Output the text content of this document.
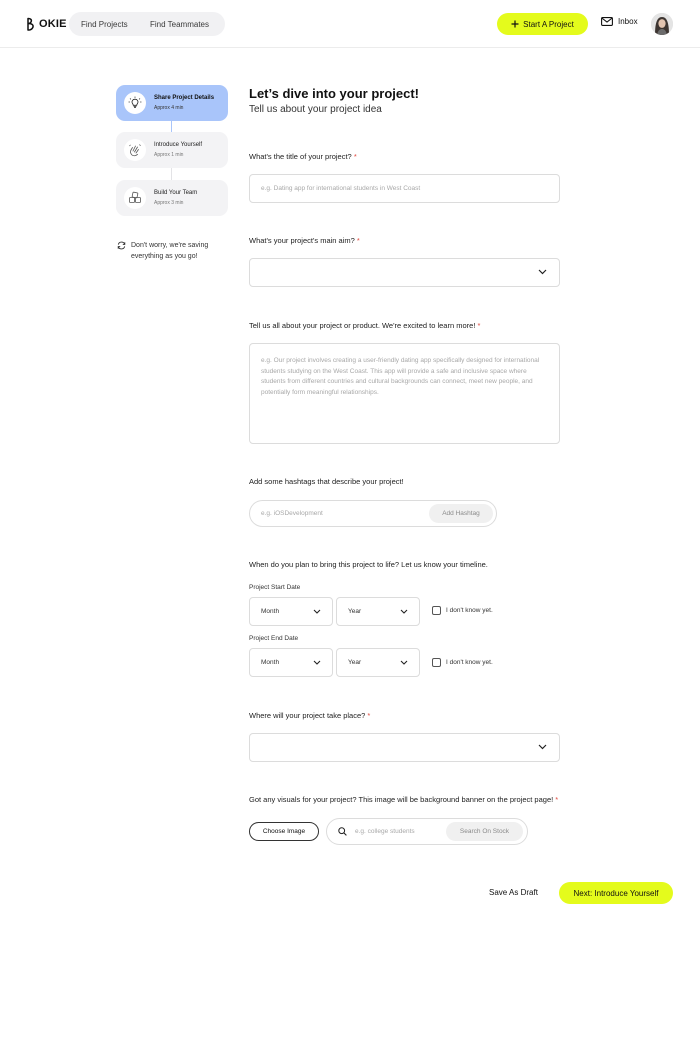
OKIE Find Projects	Find Teammates	Start A Project	Inbox
Share Project Details
Approx 4 min
Introduce Yourself
Approx 1 min
Build Your Team
Approx 3 min
Don't worry, we're saving everything as you go!
Let’s dive into your project!
Tell us about your project idea
What's the title of your project? *
e.g. Dating app for international students in West Coast
What's your project's main aim? *
Tell us all about your project or product. We're excited to learn more! *
e.g. Our project involves creating a user-friendly dating app specifically designed for international students studying on the West Coast. This app will provide a safe and inclusive space where students from different countries and cultural backgrounds can connect, meet new people, and potentially form meaningful relationships.
Add some hashtags that describe your project!
e.g. iOSDevelopment	Add Hashtag
When do you plan to bring this project to life? Let us know your timeline.
Project Start Date
Month	Year	I don't know yet.
Project End Date
Month	Year	I don't know yet.
Where will your project take place? *
Got any visuals for your project? This image will be background banner on the project page! *
Choose Image	e.g. college students	Search On Stock
Save As Draft	Next: Introduce Yourself
